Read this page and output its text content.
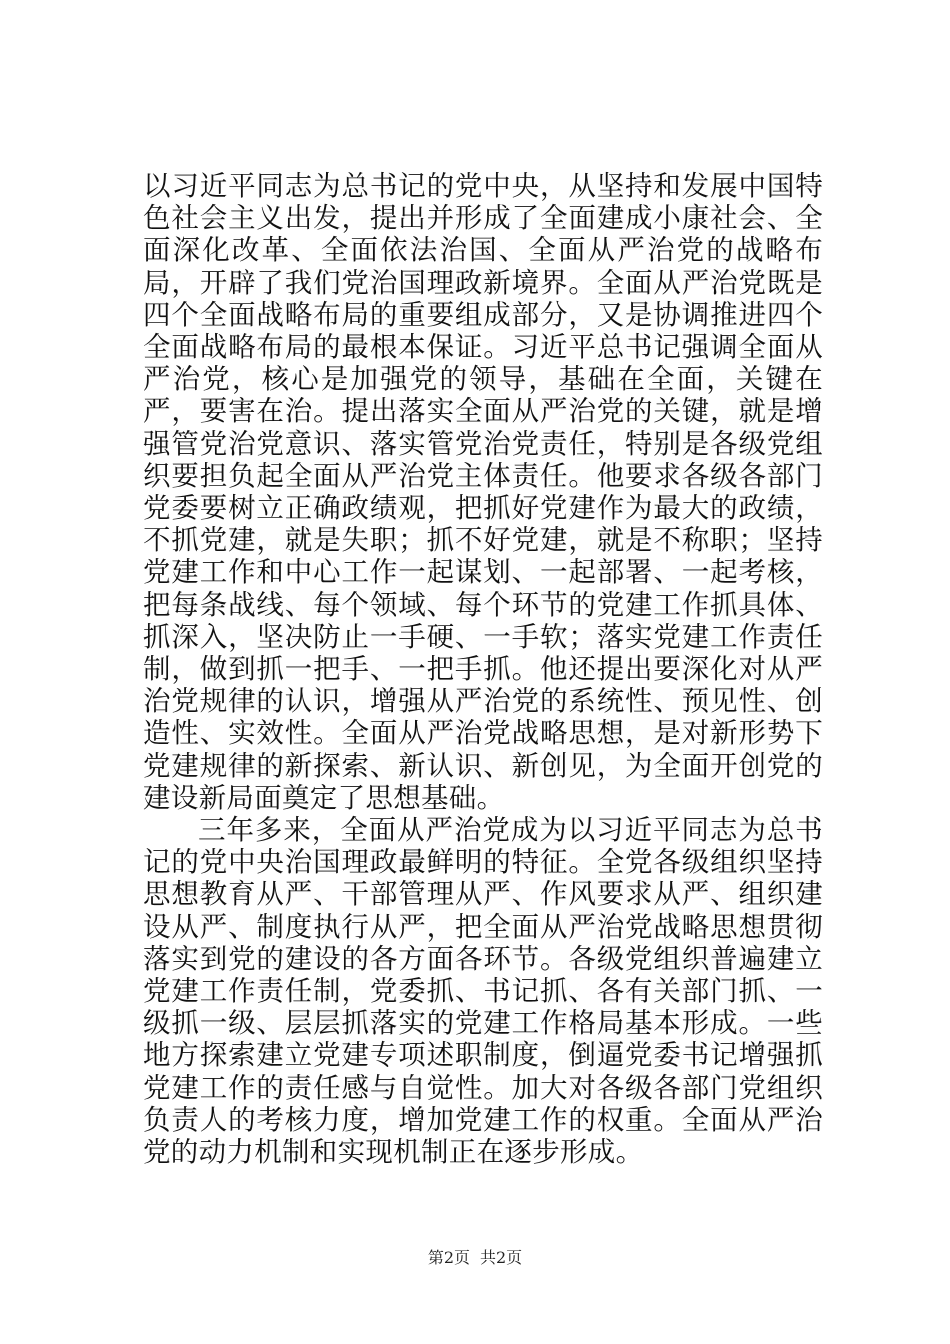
以习近平同志为总书记的党中央，从坚持和发展中国特色社会主义出发，提出并形成了全面建成小康社会、全面深化改革、全面依法治国、全面从严治党的战略布局，开辟了我们党治国理政新境界。全面从严治党既是四个全面战略布局的重要组成部分，又是协调推进四个全面战略布局的最根本保证。习近平总书记强调全面从严治党，核心是加强党的领导，基础在全面，关键在严，要害在治。提出落实全面从严治党的关键，就是增强管党治党意识、落实管党治党责任，特别是各级党组织要担负起全面从严治党主体责任。他要求各级各部门党委要树立正确政绩观，把抓好党建作为最大的政绩，不抓党建，就是失职；抓不好党建，就是不称职；坚持党建工作和中心工作一起谋划、一起部署、一起考核，把每条战线、每个领域、每个环节的党建工作抓具体、抓深入，坚决防止一手硬、一手软；落实党建工作责任制，做到抓一把手、一把手抓。他还提出要深化对从严治党规律的认识，增强从严治党的系统性、预见性、创造性、实效性。全面从严治党战略思想，是对新形势下党建规律的新探索、新认识、新创见，为全面开创党的建设新局面奠定了思想基础。

三年多来，全面从严治党成为以习近平同志为总书记的党中央治国理政最鲜明的特征。全党各级组织坚持思想教育从严、干部管理从严、作风要求从严、组织建设从严、制度执行从严，把全面从严治党战略思想贯彻落实到党的建设的各方面各环节。各级党组织普遍建立党建工作责任制，党委抓、书记抓、各有关部门抓、一级抓一级、层层抓落实的党建工作格局基本形成。一些地方探索建立党建专项述职制度，倒逼党委书记增强抓党建工作的责任感与自觉性。加大对各级各部门党组织负责人的考核力度，增加党建工作的权重。全面从严治党的动力机制和实现机制正在逐步形成。

第2页 共2页
